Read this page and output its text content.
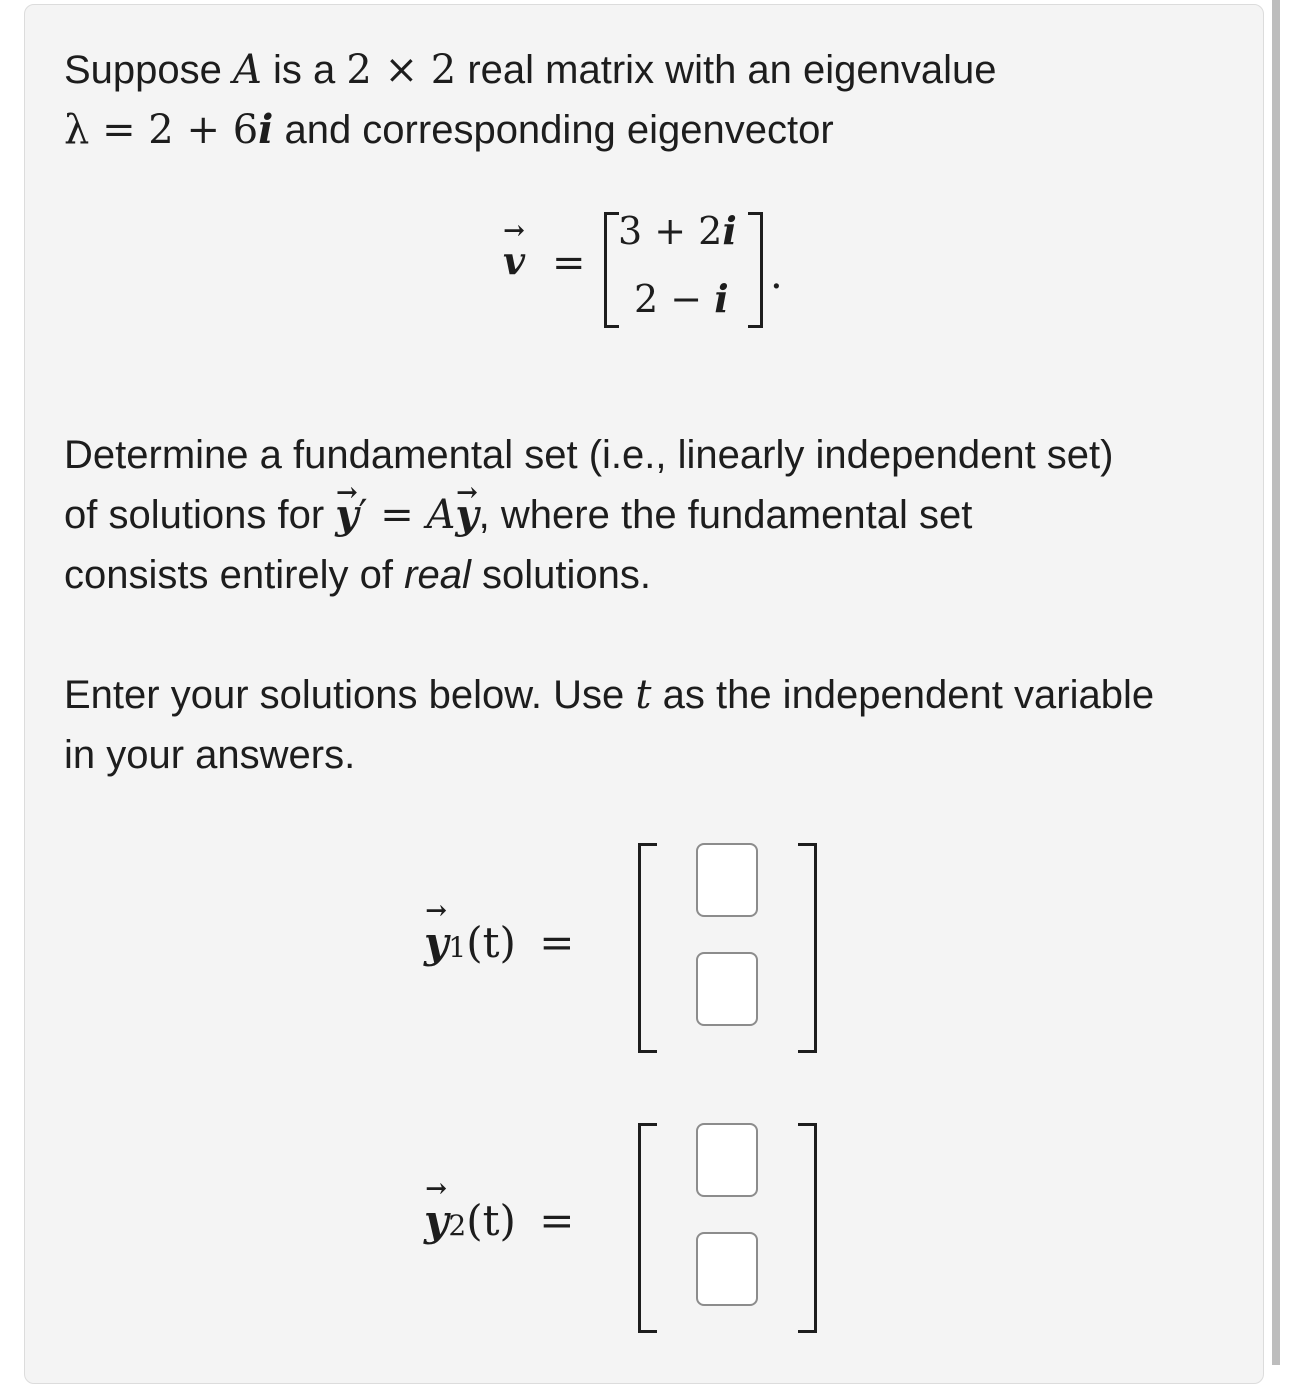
Suppose A is a 2 × 2 real matrix with an eigenvalue

λ = 2 + 6i and corresponding eigenvector

→ v =
3 + 2i
2 − i
.

Determine a fundamental set (i.e., linearly independent set)

of solutions for → y′ = A→ y, where the fundamental set

consists entirely of real solutions.

Enter your solutions below. Use t as the independent variable

in your answers.

→ y1(t) =
→ y2(t) =
